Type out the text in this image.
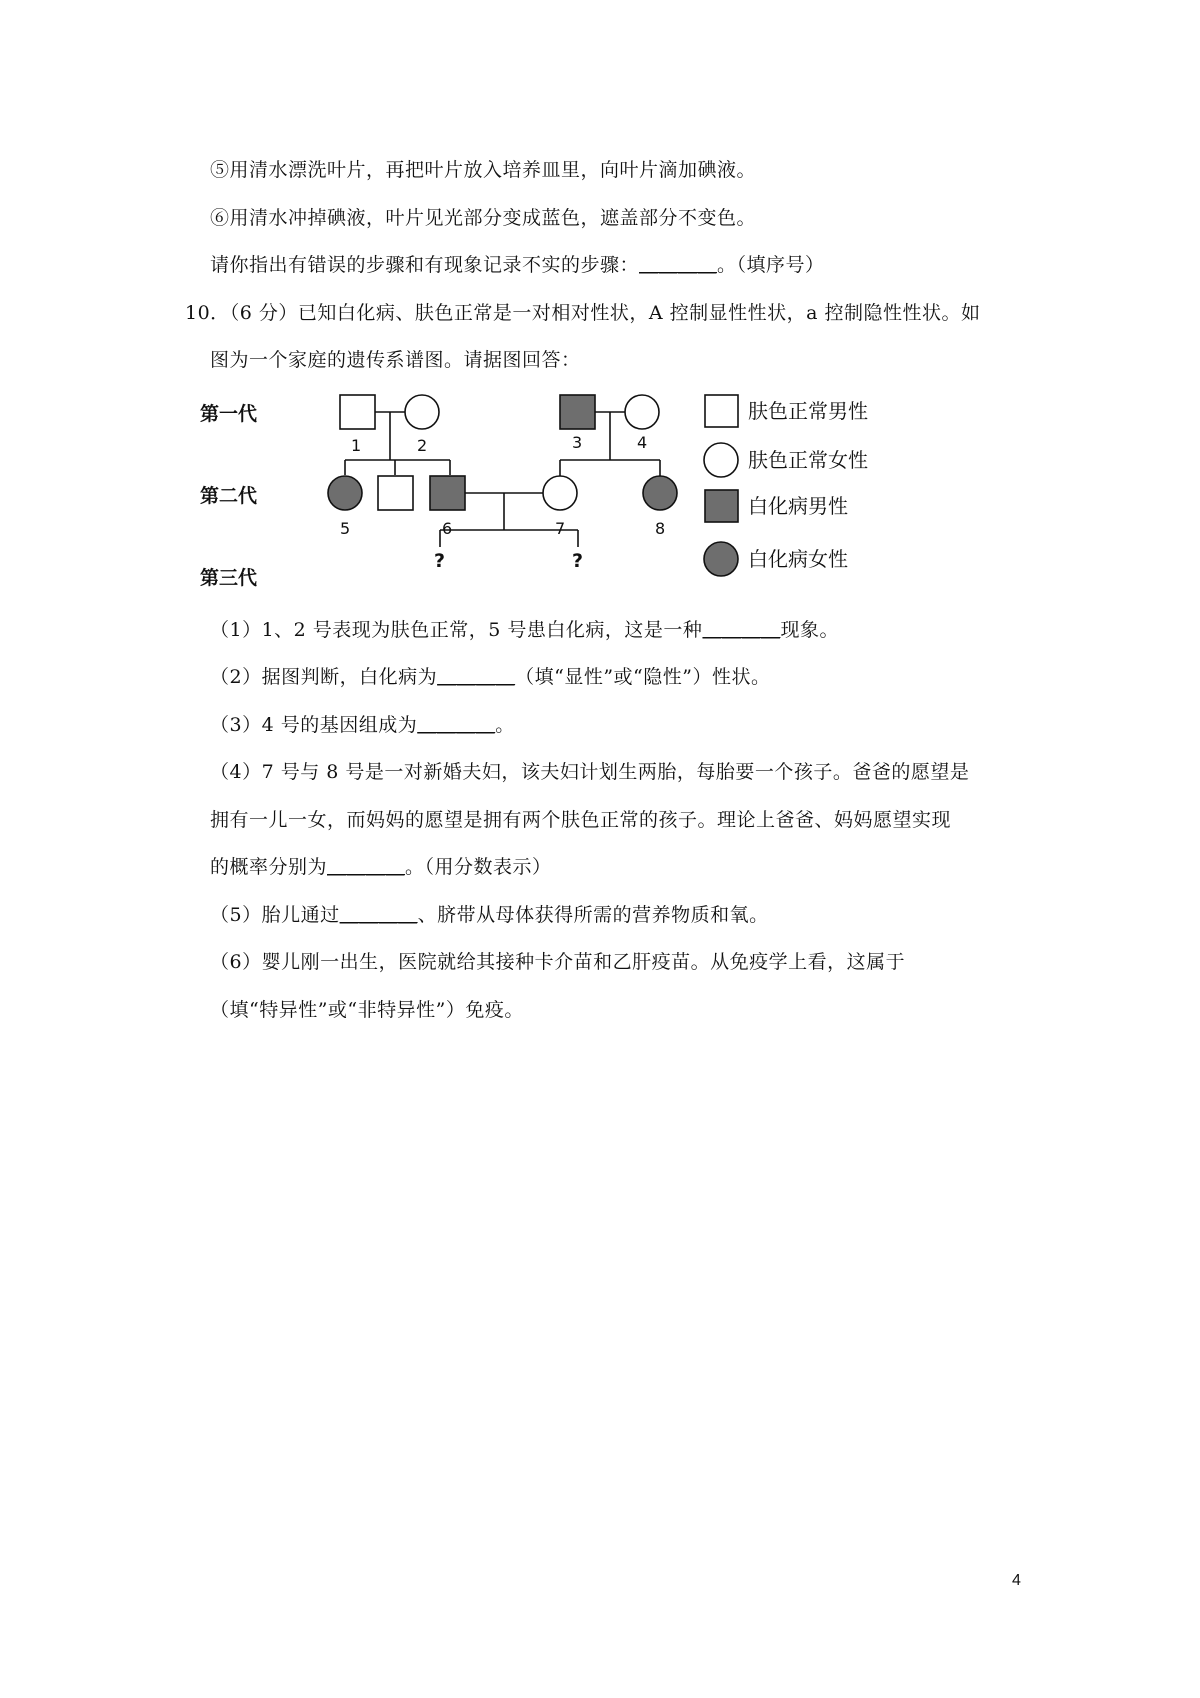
⑤用清水漂洗叶片，再把叶片放入培养皿里，向叶片滴加碘液。
⑥用清水冲掉碘液，叶片见光部分变成蓝色，遮盖部分不变色。
请你指出有错误的步骤和有现象记录不实的步骤：＿＿＿＿。（填序号）
10．（6 分）已知白化病、肤色正常是一对相对性状，A 控制显性性状，a 控制隐性性状。如
图为一个家庭的遗传系谱图。请据图回答：
第一代
第二代
第三代
1	2	3	4
5	6	7	8
?	?
肤色正常男性
肤色正常女性
白化病男性
白化病女性
（1）1、2 号表现为肤色正常，5 号患白化病，这是一种＿＿＿＿现象。
（2）据图判断，白化病为＿＿＿＿（填“显性”或“隐性”）性状。
（3）4 号的基因组成为＿＿＿＿。
（4）7 号与 8 号是一对新婚夫妇，该夫妇计划生两胎，每胎要一个孩子。爸爸的愿望是
拥有一儿一女，而妈妈的愿望是拥有两个肤色正常的孩子。理论上爸爸、妈妈愿望实现
的概率分别为＿＿＿＿。（用分数表示）
（5）胎儿通过＿＿＿＿、脐带从母体获得所需的营养物质和氧。
（6）婴儿刚一出生，医院就给其接种卡介苗和乙肝疫苗。从免疫学上看，这属于
（填“特异性”或“非特异性”）免疫。
4
